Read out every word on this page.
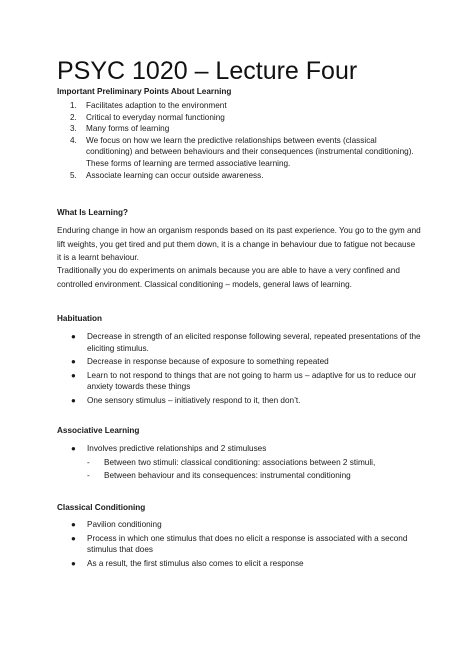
PSYC 1020 – Lecture Four
Important Preliminary Points About Learning
1. Facilitates adaption to the environment
2. Critical to everyday normal functioning
3. Many forms of learning
4. We focus on how we learn the predictive relationships between events (classical
conditioning) and between behaviours and their consequences (instrumental conditioning).
These forms of learning are termed associative learning.
5. Associate learning can occur outside awareness.
What Is Learning?
Enduring change in how an organism responds based on its past experience. You go to the gym and
lift weights, you get tired and put them down, it is a change in behaviour due to fatigue not because
it is a learnt behaviour.
Traditionally you do experiments on animals because you are able to have a very confined and
controlled environment. Classical conditioning – models, general laws of learning.
Habituation
● Decrease in strength of an elicited response following several, repeated presentations of the
eliciting stimulus.
● Decrease in response because of exposure to something repeated
● Learn to not respond to things that are not going to harm us – adaptive for us to reduce our
anxiety towards these things
● One sensory stimulus – initiatively respond to it, then don’t.
Associative Learning
● Involves predictive relationships and 2 stimuluses
- Between two stimuli: classical conditioning: associations between 2 stimuli,
- Between behaviour and its consequences: instrumental conditioning
Classical Conditioning
● Pavilion conditioning
● Process in which one stimulus that does no elicit a response is associated with a second
stimulus that does
● As a result, the first stimulus also comes to elicit a response
